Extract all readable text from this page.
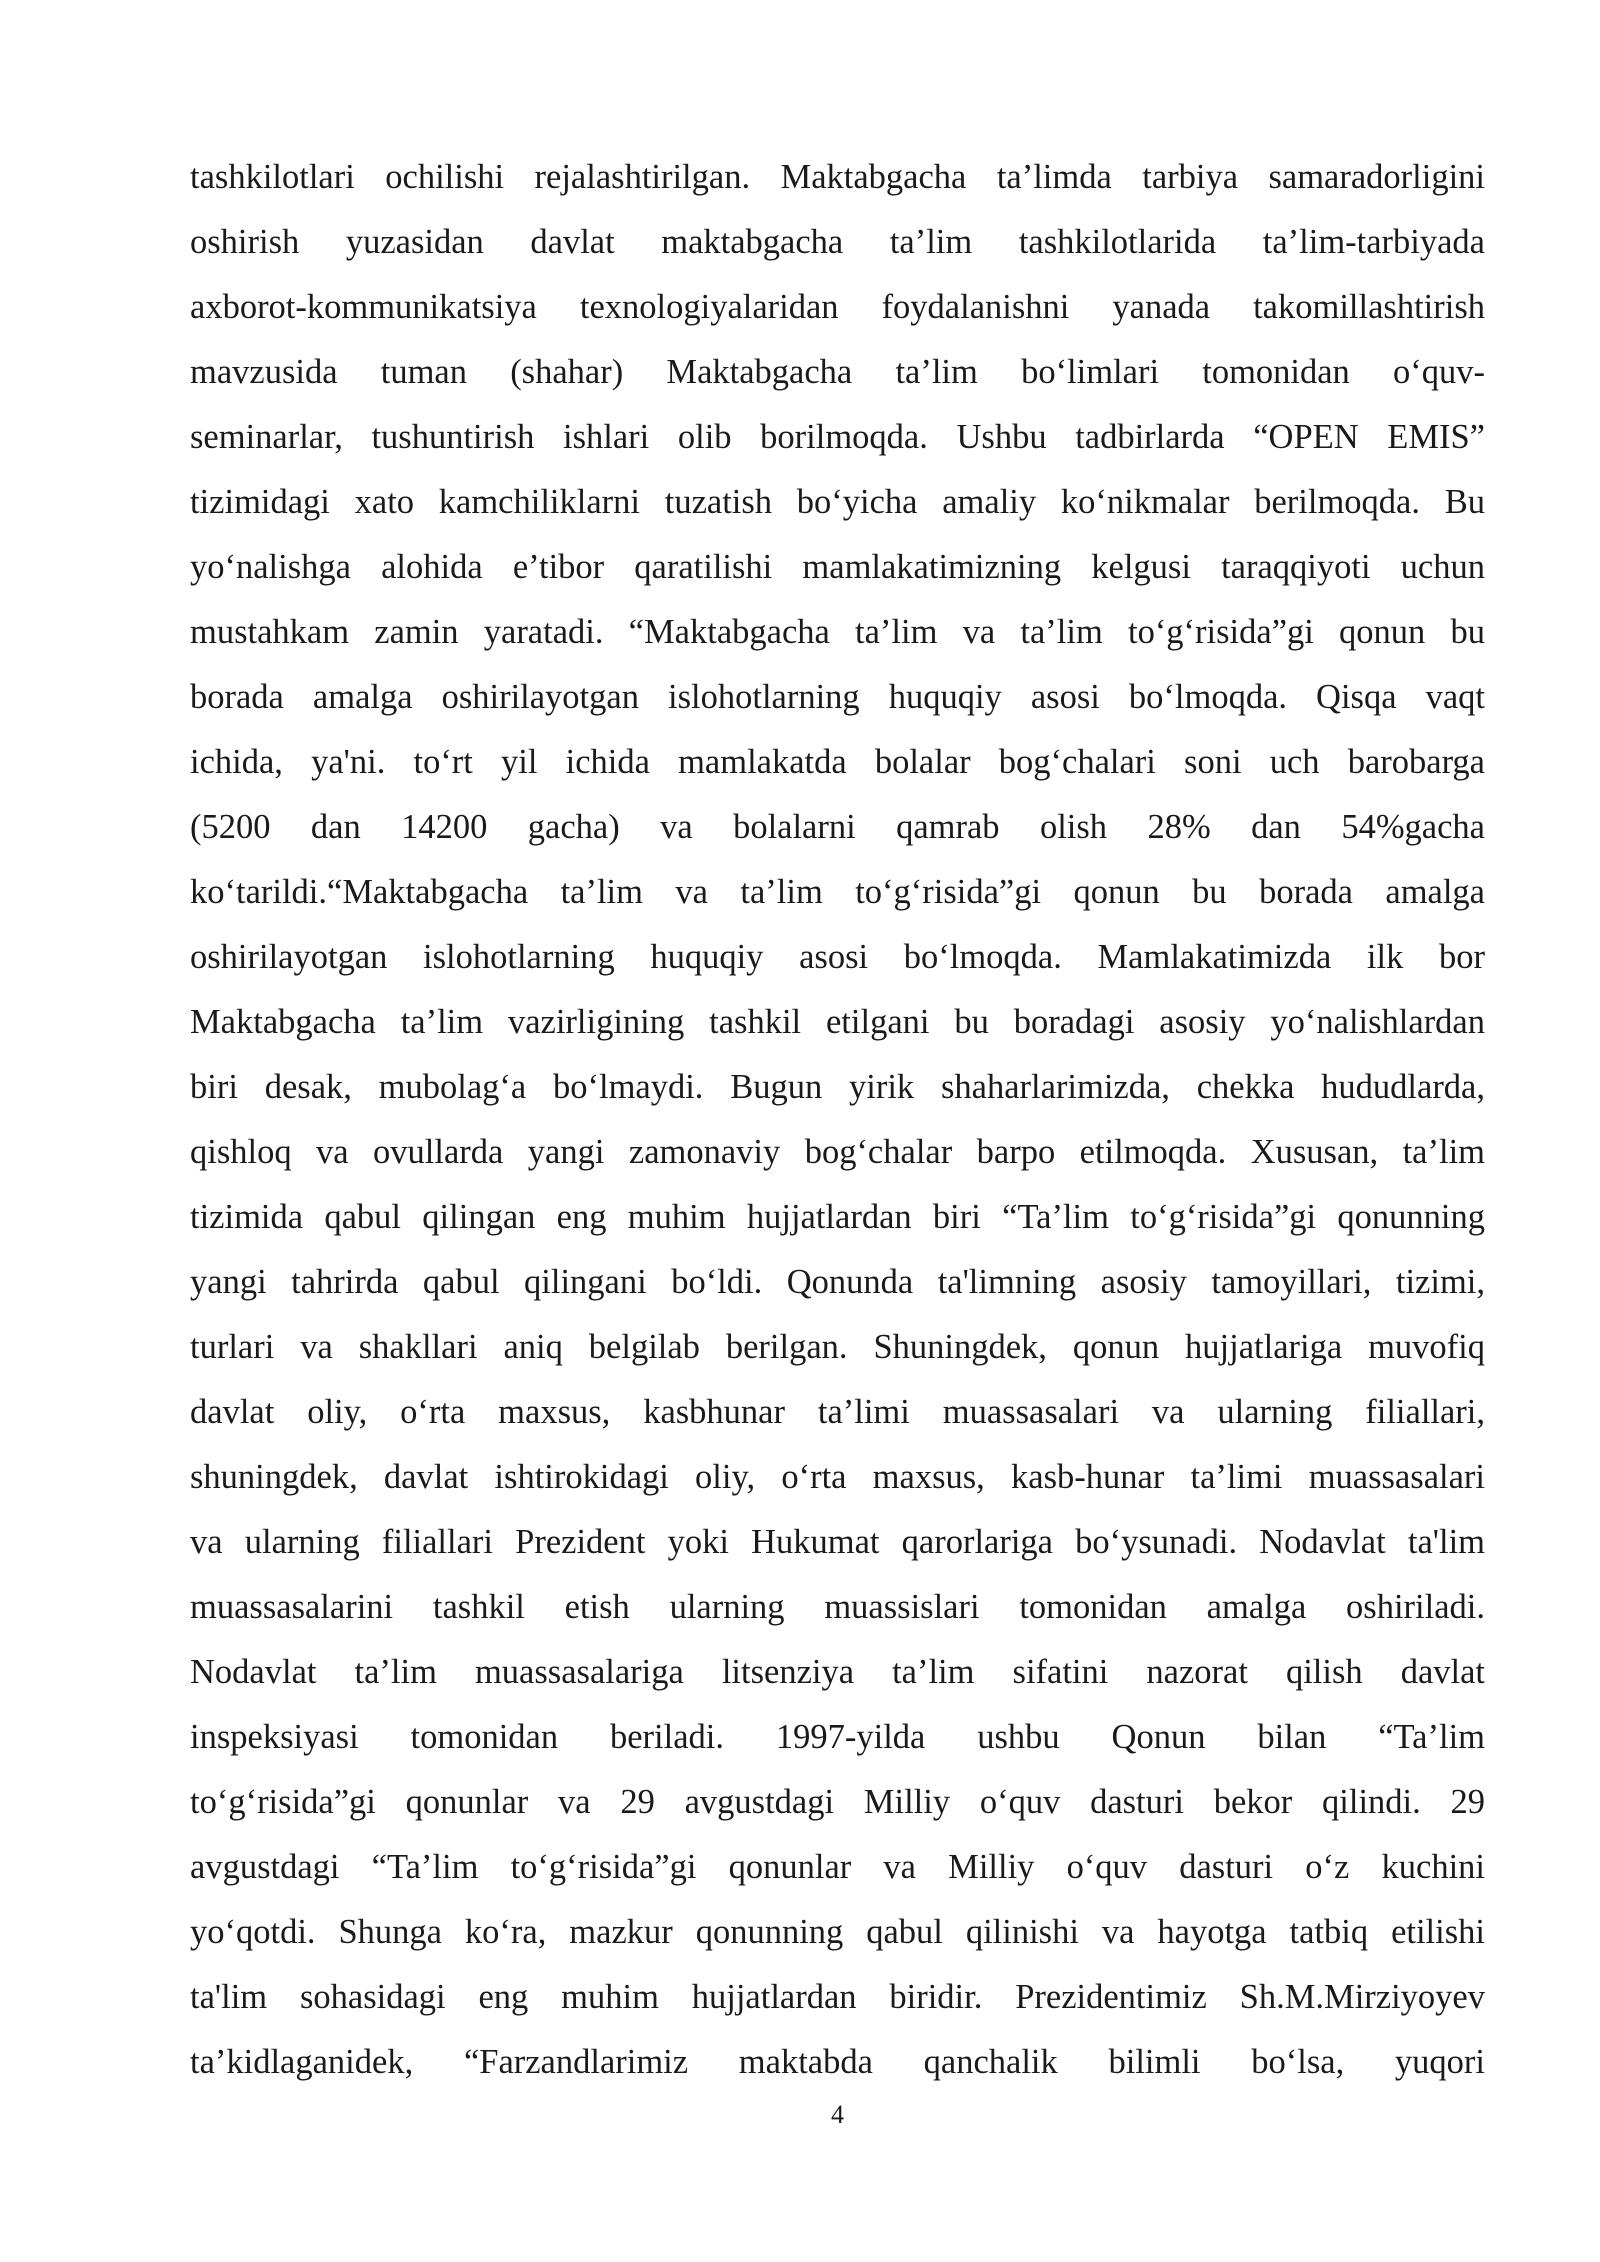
tashkilotlari ochilishi rejalashtirilgan. Maktabgacha ta’limda tarbiya samaradorligini
oshirish yuzasidan davlat maktabgacha ta’lim tashkilotlarida ta’lim-tarbiyada
axborot-kommunikatsiya texnologiyalaridan foydalanishni yanada takomillashtirish
mavzusida tuman (shahar) Maktabgacha ta’lim bo‘limlari tomonidan o‘quv-
seminarlar, tushuntirish ishlari olib borilmoqda. Ushbu tadbirlarda “OPEN EMIS”
tizimidagi xato kamchiliklarni tuzatish bo‘yicha amaliy ko‘nikmalar berilmoqda. Bu
yo‘nalishga alohida e’tibor qaratilishi mamlakatimizning kelgusi taraqqiyoti uchun
mustahkam zamin yaratadi. “Maktabgacha ta’lim va ta’lim to‘g‘risida”gi qonun bu
borada amalga oshirilayotgan islohotlarning huquqiy asosi bo‘lmoqda. Qisqa vaqt
ichida, ya'ni. to‘rt yil ichida mamlakatda bolalar bog‘chalari soni uch barobarga
(5200 dan 14200 gacha) va bolalarni qamrab olish 28% dan 54%gacha
ko‘tarildi.“Maktabgacha ta’lim va ta’lim to‘g‘risida”gi qonun bu borada amalga
oshirilayotgan islohotlarning huquqiy asosi bo‘lmoqda. Mamlakatimizda ilk bor
Maktabgacha ta’lim vazirligining tashkil etilgani bu boradagi asosiy yo‘nalishlardan
biri desak, mubolag‘a bo‘lmaydi. Bugun yirik shaharlarimizda, chekka hududlarda,
qishloq va ovullarda yangi zamonaviy bog‘chalar barpo etilmoqda. Xususan, ta’lim
tizimida qabul qilingan eng muhim hujjatlardan biri “Ta’lim to‘g‘risida”gi qonunning
yangi tahrirda qabul qilingani bo‘ldi. Qonunda ta'limning asosiy tamoyillari, tizimi,
turlari va shakllari aniq belgilab berilgan. Shuningdek, qonun hujjatlariga muvofiq
davlat oliy, o‘rta maxsus, kasbhunar ta’limi muassasalari va ularning filiallari,
shuningdek, davlat ishtirokidagi oliy, o‘rta maxsus, kasb-hunar ta’limi muassasalari
va ularning filiallari Prezident yoki Hukumat qarorlariga bo‘ysunadi. Nodavlat ta'lim
muassasalarini tashkil etish ularning muassislari tomonidan amalga oshiriladi.
Nodavlat ta’lim muassasalariga litsenziya ta’lim sifatini nazorat qilish davlat
inspeksiyasi tomonidan beriladi. 1997-yilda ushbu Qonun bilan “Ta’lim
to‘g‘risida”gi qonunlar va 29 avgustdagi Milliy o‘quv dasturi bekor qilindi. 29
avgustdagi “Ta’lim to‘g‘risida”gi qonunlar va Milliy o‘quv dasturi o‘z kuchini
yo‘qotdi. Shunga ko‘ra, mazkur qonunning qabul qilinishi va hayotga tatbiq etilishi
ta'lim sohasidagi eng muhim hujjatlardan biridir. Prezidentimiz Sh.M.Mirziyoyev
ta’kidlaganidek, “Farzandlarimiz maktabda qanchalik bilimli bo‘lsa, yuqori
4
